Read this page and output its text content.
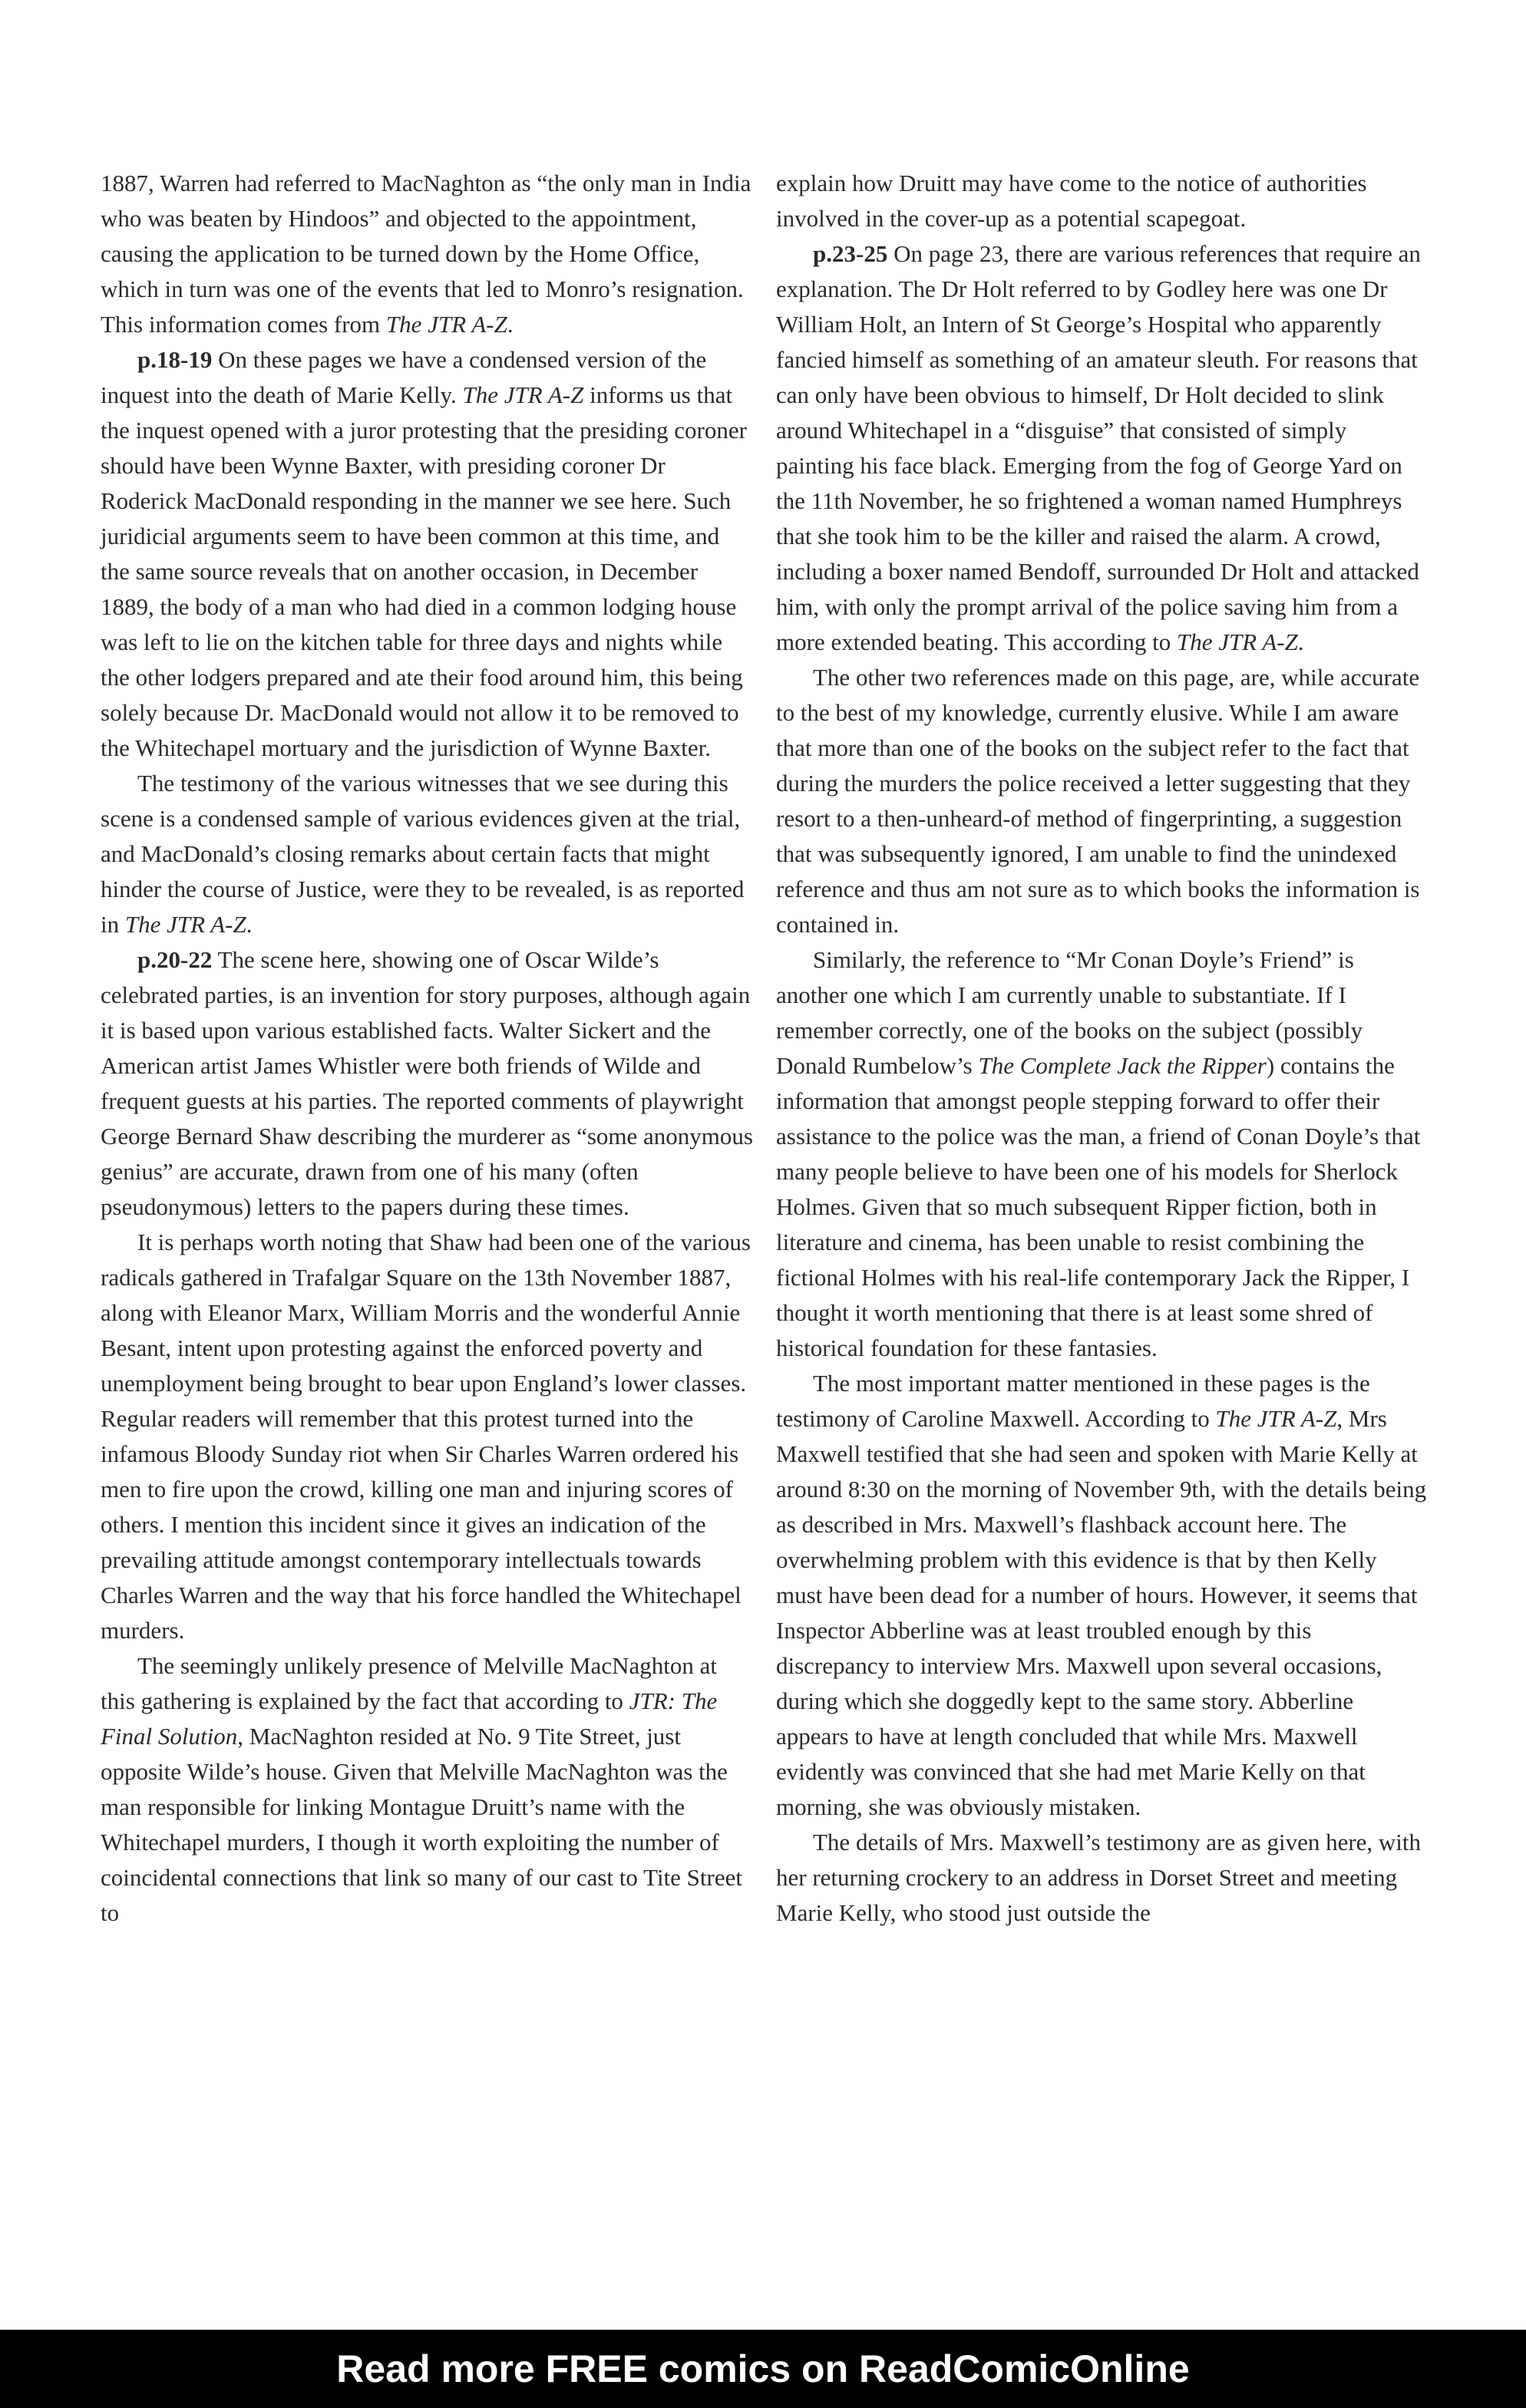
1887, Warren had referred to MacNaghton as “the only man in India who was beaten by Hindoos” and objected to the appointment, causing the application to be turned down by the Home Office, which in turn was one of the events that led to Monro’s resignation. This information comes from The JTR A-Z.

p.18-19 On these pages we have a condensed version of the inquest into the death of Marie Kelly. The JTR A-Z informs us that the inquest opened with a juror protesting that the presiding coroner should have been Wynne Baxter, with presiding coroner Dr Roderick MacDonald responding in the manner we see here. Such juridicial arguments seem to have been common at this time, and the same source reveals that on another occasion, in December 1889, the body of a man who had died in a common lodging house was left to lie on the kitchen table for three days and nights while the other lodgers prepared and ate their food around him, this being solely because Dr. MacDonald would not allow it to be removed to the Whitechapel mortuary and the jurisdiction of Wynne Baxter.

The testimony of the various witnesses that we see during this scene is a condensed sample of various evidences given at the trial, and MacDonald’s closing remarks about certain facts that might hinder the course of Justice, were they to be revealed, is as reported in The JTR A-Z.

p.20-22 The scene here, showing one of Oscar Wilde’s celebrated parties, is an invention for story purposes, although again it is based upon various established facts. Walter Sickert and the American artist James Whistler were both friends of Wilde and frequent guests at his parties. The reported comments of playwright George Bernard Shaw describing the murderer as “some anonymous genius” are accurate, drawn from one of his many (often pseudonymous) letters to the papers during these times.

It is perhaps worth noting that Shaw had been one of the various radicals gathered in Trafalgar Square on the 13th November 1887, along with Eleanor Marx, William Morris and the wonderful Annie Besant, intent upon protesting against the enforced poverty and unemployment being brought to bear upon England’s lower classes. Regular readers will remember that this protest turned into the infamous Bloody Sunday riot when Sir Charles Warren ordered his men to fire upon the crowd, killing one man and injuring scores of others. I mention this incident since it gives an indication of the prevailing attitude amongst contemporary intellectuals towards Charles Warren and the way that his force handled the Whitechapel murders.

The seemingly unlikely presence of Melville MacNaghton at this gathering is explained by the fact that according to JTR: The Final Solution, MacNaghton resided at No. 9 Tite Street, just opposite Wilde’s house. Given that Melville MacNaghton was the man responsible for linking Montague Druitt’s name with the Whitechapel murders, I though it worth exploiting the number of coincidental connections that link so many of our cast to Tite Street to

explain how Druitt may have come to the notice of authorities involved in the cover-up as a potential scapegoat.

p.23-25 On page 23, there are various references that require an explanation. The Dr Holt referred to by Godley here was one Dr William Holt, an Intern of St George’s Hospital who apparently fancied himself as something of an amateur sleuth. For reasons that can only have been obvious to himself, Dr Holt decided to slink around Whitechapel in a “disguise” that consisted of simply painting his face black. Emerging from the fog of George Yard on the 11th November, he so frightened a woman named Humphreys that she took him to be the killer and raised the alarm. A crowd, including a boxer named Bendoff, surrounded Dr Holt and attacked him, with only the prompt arrival of the police saving him from a more extended beating. This according to The JTR A-Z.

The other two references made on this page, are, while accurate to the best of my knowledge, currently elusive. While I am aware that more than one of the books on the subject refer to the fact that during the murders the police received a letter suggesting that they resort to a then-unheard-of method of fingerprinting, a suggestion that was subsequently ignored, I am unable to find the unindexed reference and thus am not sure as to which books the information is contained in.

Similarly, the reference to “Mr Conan Doyle’s Friend” is another one which I am currently unable to substantiate. If I remember correctly, one of the books on the subject (possibly Donald Rumbelow’s The Complete Jack the Ripper) contains the information that amongst people stepping forward to offer their assistance to the police was the man, a friend of Conan Doyle’s that many people believe to have been one of his models for Sherlock Holmes. Given that so much subsequent Ripper fiction, both in literature and cinema, has been unable to resist combining the fictional Holmes with his real-life contemporary Jack the Ripper, I thought it worth mentioning that there is at least some shred of historical foundation for these fantasies.

The most important matter mentioned in these pages is the testimony of Caroline Maxwell. According to The JTR A-Z, Mrs Maxwell testified that she had seen and spoken with Marie Kelly at around 8:30 on the morning of November 9th, with the details being as described in Mrs. Maxwell’s flashback account here. The overwhelming problem with this evidence is that by then Kelly must have been dead for a number of hours. However, it seems that Inspector Abberline was at least troubled enough by this discrepancy to interview Mrs. Maxwell upon several occasions, during which she doggedly kept to the same story. Abberline appears to have at length concluded that while Mrs. Maxwell evidently was convinced that she had met Marie Kelly on that morning, she was obviously mistaken.

The details of Mrs. Maxwell’s testimony are as given here, with her returning crockery to an address in Dorset Street and meeting Marie Kelly, who stood just outside the

Read more FREE comics on ReadComicOnline
